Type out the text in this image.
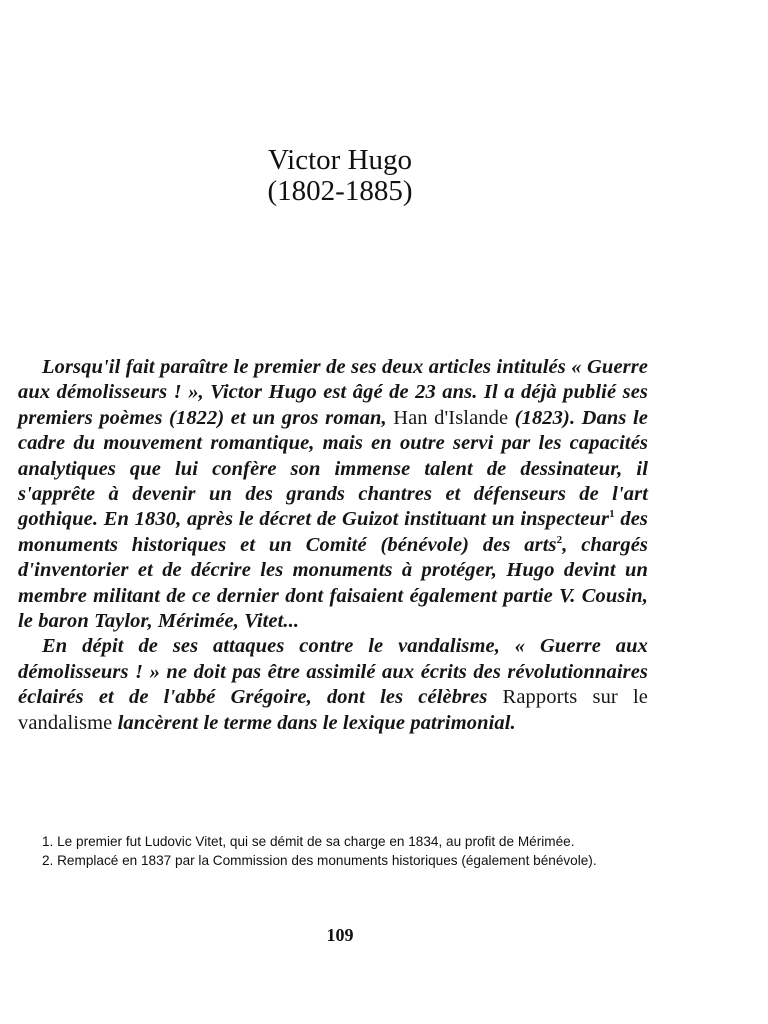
Victor Hugo
(1802-1885)

Lorsqu'il fait paraître le premier de ses deux articles intitulés « Guerre aux démolisseurs ! », Victor Hugo est âgé de 23 ans. Il a déjà publié ses premiers poèmes (1822) et un gros roman, Han d'Islande (1823). Dans le cadre du mouvement romantique, mais en outre servi par les capacités analytiques que lui confère son immense talent de dessinateur, il s'apprête à devenir un des grands chantres et défenseurs de l'art gothique. En 1830, après le décret de Guizot instituant un inspecteur$^1$ des monuments historiques et un Comité (bénévole) des arts$^2$, chargés d'inventorier et de décrire les monuments à protéger, Hugo devint un membre militant de ce dernier dont faisaient également partie V. Cousin, le baron Taylor, Mérimée, Vitet...

En dépit de ses attaques contre le vandalisme, « Guerre aux démolisseurs ! » ne doit pas être assimilé aux écrits des révolutionnaires éclairés et de l'abbé Grégoire, dont les célèbres Rapports sur le vandalisme lancèrent le terme dans le lexique patrimonial.

1. Le premier fut Ludovic Vitet, qui se démit de sa charge en 1834, au profit de Mérimée.

2. Remplacé en 1837 par la Commission des monuments historiques (également bénévole).

109
